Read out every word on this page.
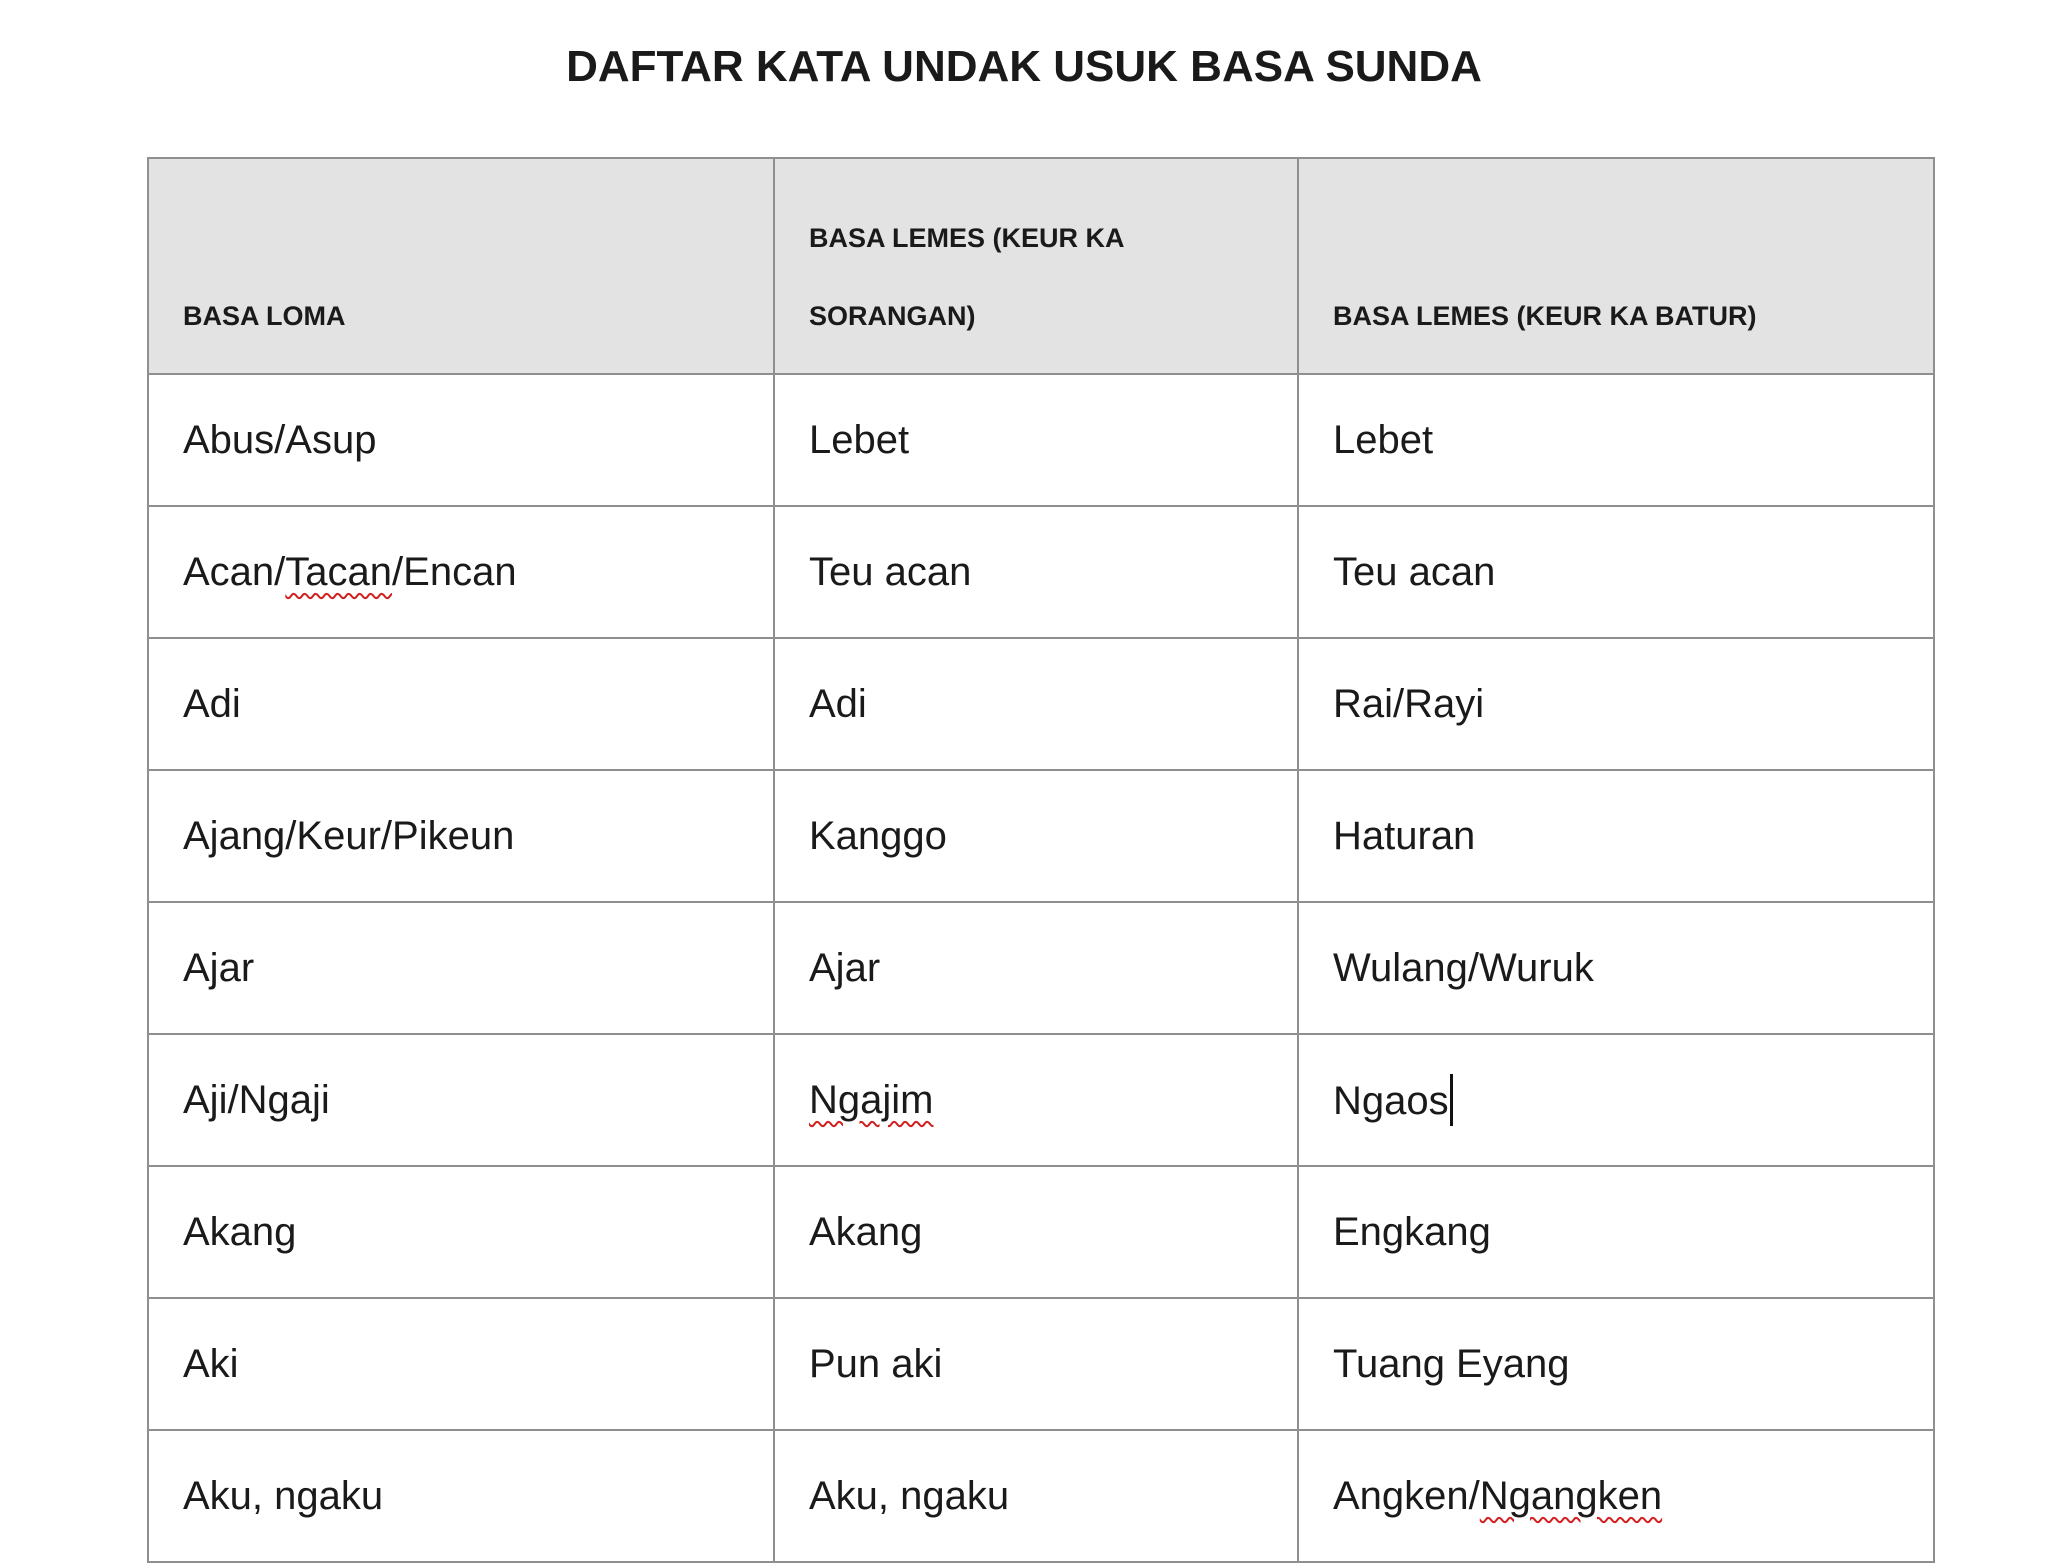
DAFTAR KATA UNDAK USUK BASA SUNDA
BASA LOMA	BASA LEMES (KEUR KA SORANGAN)	BASA LEMES (KEUR KA BATUR)
Abus/Asup	Lebet	Lebet
Acan/Tacan/Encan	Teu acan	Teu acan
Adi	Adi	Rai/Rayi
Ajang/Keur/Pikeun	Kanggo	Haturan
Ajar	Ajar	Wulang/Wuruk
Aji/Ngaji	Ngajim	Ngaos
Akang	Akang	Engkang
Aki	Pun aki	Tuang Eyang
Aku, ngaku	Aku, ngaku	Angken/Ngangken
